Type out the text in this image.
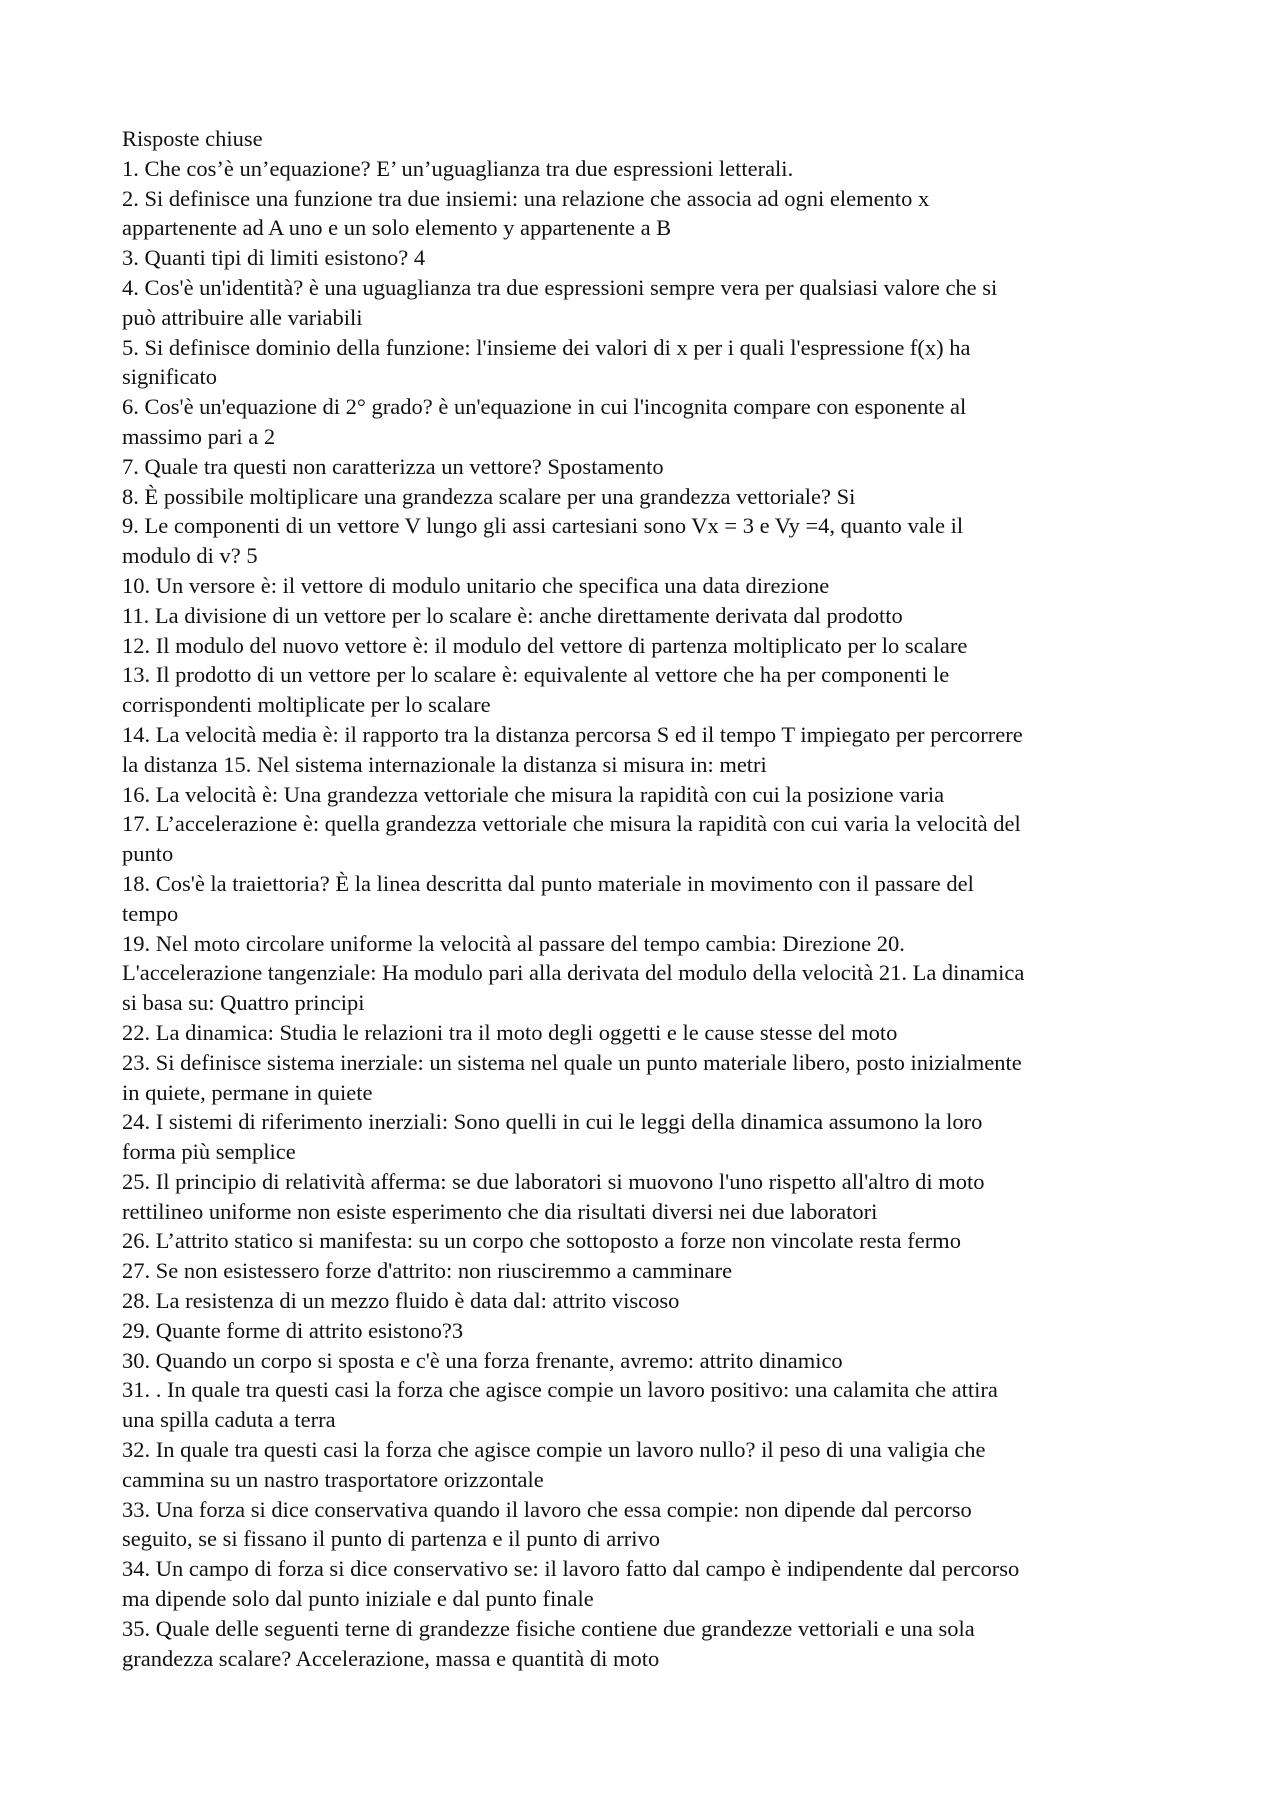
Risposte chiuse

1. Che cos’è un’equazione? E’ un’uguaglianza tra due espressioni letterali.

2. Si definisce una funzione tra due insiemi: una relazione che associa ad ogni elemento x

appartenente ad A uno e un solo elemento y appartenente a B

3. Quanti tipi di limiti esistono? 4

4. Cos'è un'identità? è una uguaglianza tra due espressioni sempre vera per qualsiasi valore che si

può attribuire alle variabili

5. Si definisce dominio della funzione: l'insieme dei valori di x per i quali l'espressione f(x) ha

significato

6. Cos'è un'equazione di 2° grado? è un'equazione in cui l'incognita compare con esponente al

massimo pari a 2

7. Quale tra questi non caratterizza un vettore? Spostamento

8. È possibile moltiplicare una grandezza scalare per una grandezza vettoriale? Si

9. Le componenti di un vettore V lungo gli assi cartesiani sono Vx = 3 e Vy =4, quanto vale il

modulo di v? 5

10. Un versore è: il vettore di modulo unitario che specifica una data direzione

11. La divisione di un vettore per lo scalare è: anche direttamente derivata dal prodotto

12. Il modulo del nuovo vettore è: il modulo del vettore di partenza moltiplicato per lo scalare

13. Il prodotto di un vettore per lo scalare è: equivalente al vettore che ha per componenti le

corrispondenti moltiplicate per lo scalare

14. La velocità media è: il rapporto tra la distanza percorsa S ed il tempo T impiegato per percorrere

la distanza 15. Nel sistema internazionale la distanza si misura in: metri

16. La velocità è: Una grandezza vettoriale che misura la rapidità con cui la posizione varia

17. L’accelerazione è: quella grandezza vettoriale che misura la rapidità con cui varia la velocità del

punto

18. Cos'è la traiettoria? È la linea descritta dal punto materiale in movimento con il passare del

tempo

19. Nel moto circolare uniforme la velocità al passare del tempo cambia: Direzione 20.

L'accelerazione tangenziale: Ha modulo pari alla derivata del modulo della velocità 21. La dinamica

si basa su: Quattro principi

22. La dinamica: Studia le relazioni tra il moto degli oggetti e le cause stesse del moto

23. Si definisce sistema inerziale: un sistema nel quale un punto materiale libero, posto inizialmente

in quiete, permane in quiete

24. I sistemi di riferimento inerziali: Sono quelli in cui le leggi della dinamica assumono la loro

forma più semplice

25. Il principio di relatività afferma: se due laboratori si muovono l'uno rispetto all'altro di moto

rettilineo uniforme non esiste esperimento che dia risultati diversi nei due laboratori

26. L’attrito statico si manifesta: su un corpo che sottoposto a forze non vincolate resta fermo

27. Se non esistessero forze d'attrito: non riusciremmo a camminare

28. La resistenza di un mezzo fluido è data dal: attrito viscoso

29. Quante forme di attrito esistono?3

30. Quando un corpo si sposta e c'è una forza frenante, avremo: attrito dinamico

31. . In quale tra questi casi la forza che agisce compie un lavoro positivo: una calamita che attira

una spilla caduta a terra

32. In quale tra questi casi la forza che agisce compie un lavoro nullo? il peso di una valigia che

cammina su un nastro trasportatore orizzontale

33. Una forza si dice conservativa quando il lavoro che essa compie: non dipende dal percorso

seguito, se si fissano il punto di partenza e il punto di arrivo

34. Un campo di forza si dice conservativo se: il lavoro fatto dal campo è indipendente dal percorso

ma dipende solo dal punto iniziale e dal punto finale

35. Quale delle seguenti terne di grandezze fisiche contiene due grandezze vettoriali e una sola

grandezza scalare? Accelerazione, massa e quantità di moto
